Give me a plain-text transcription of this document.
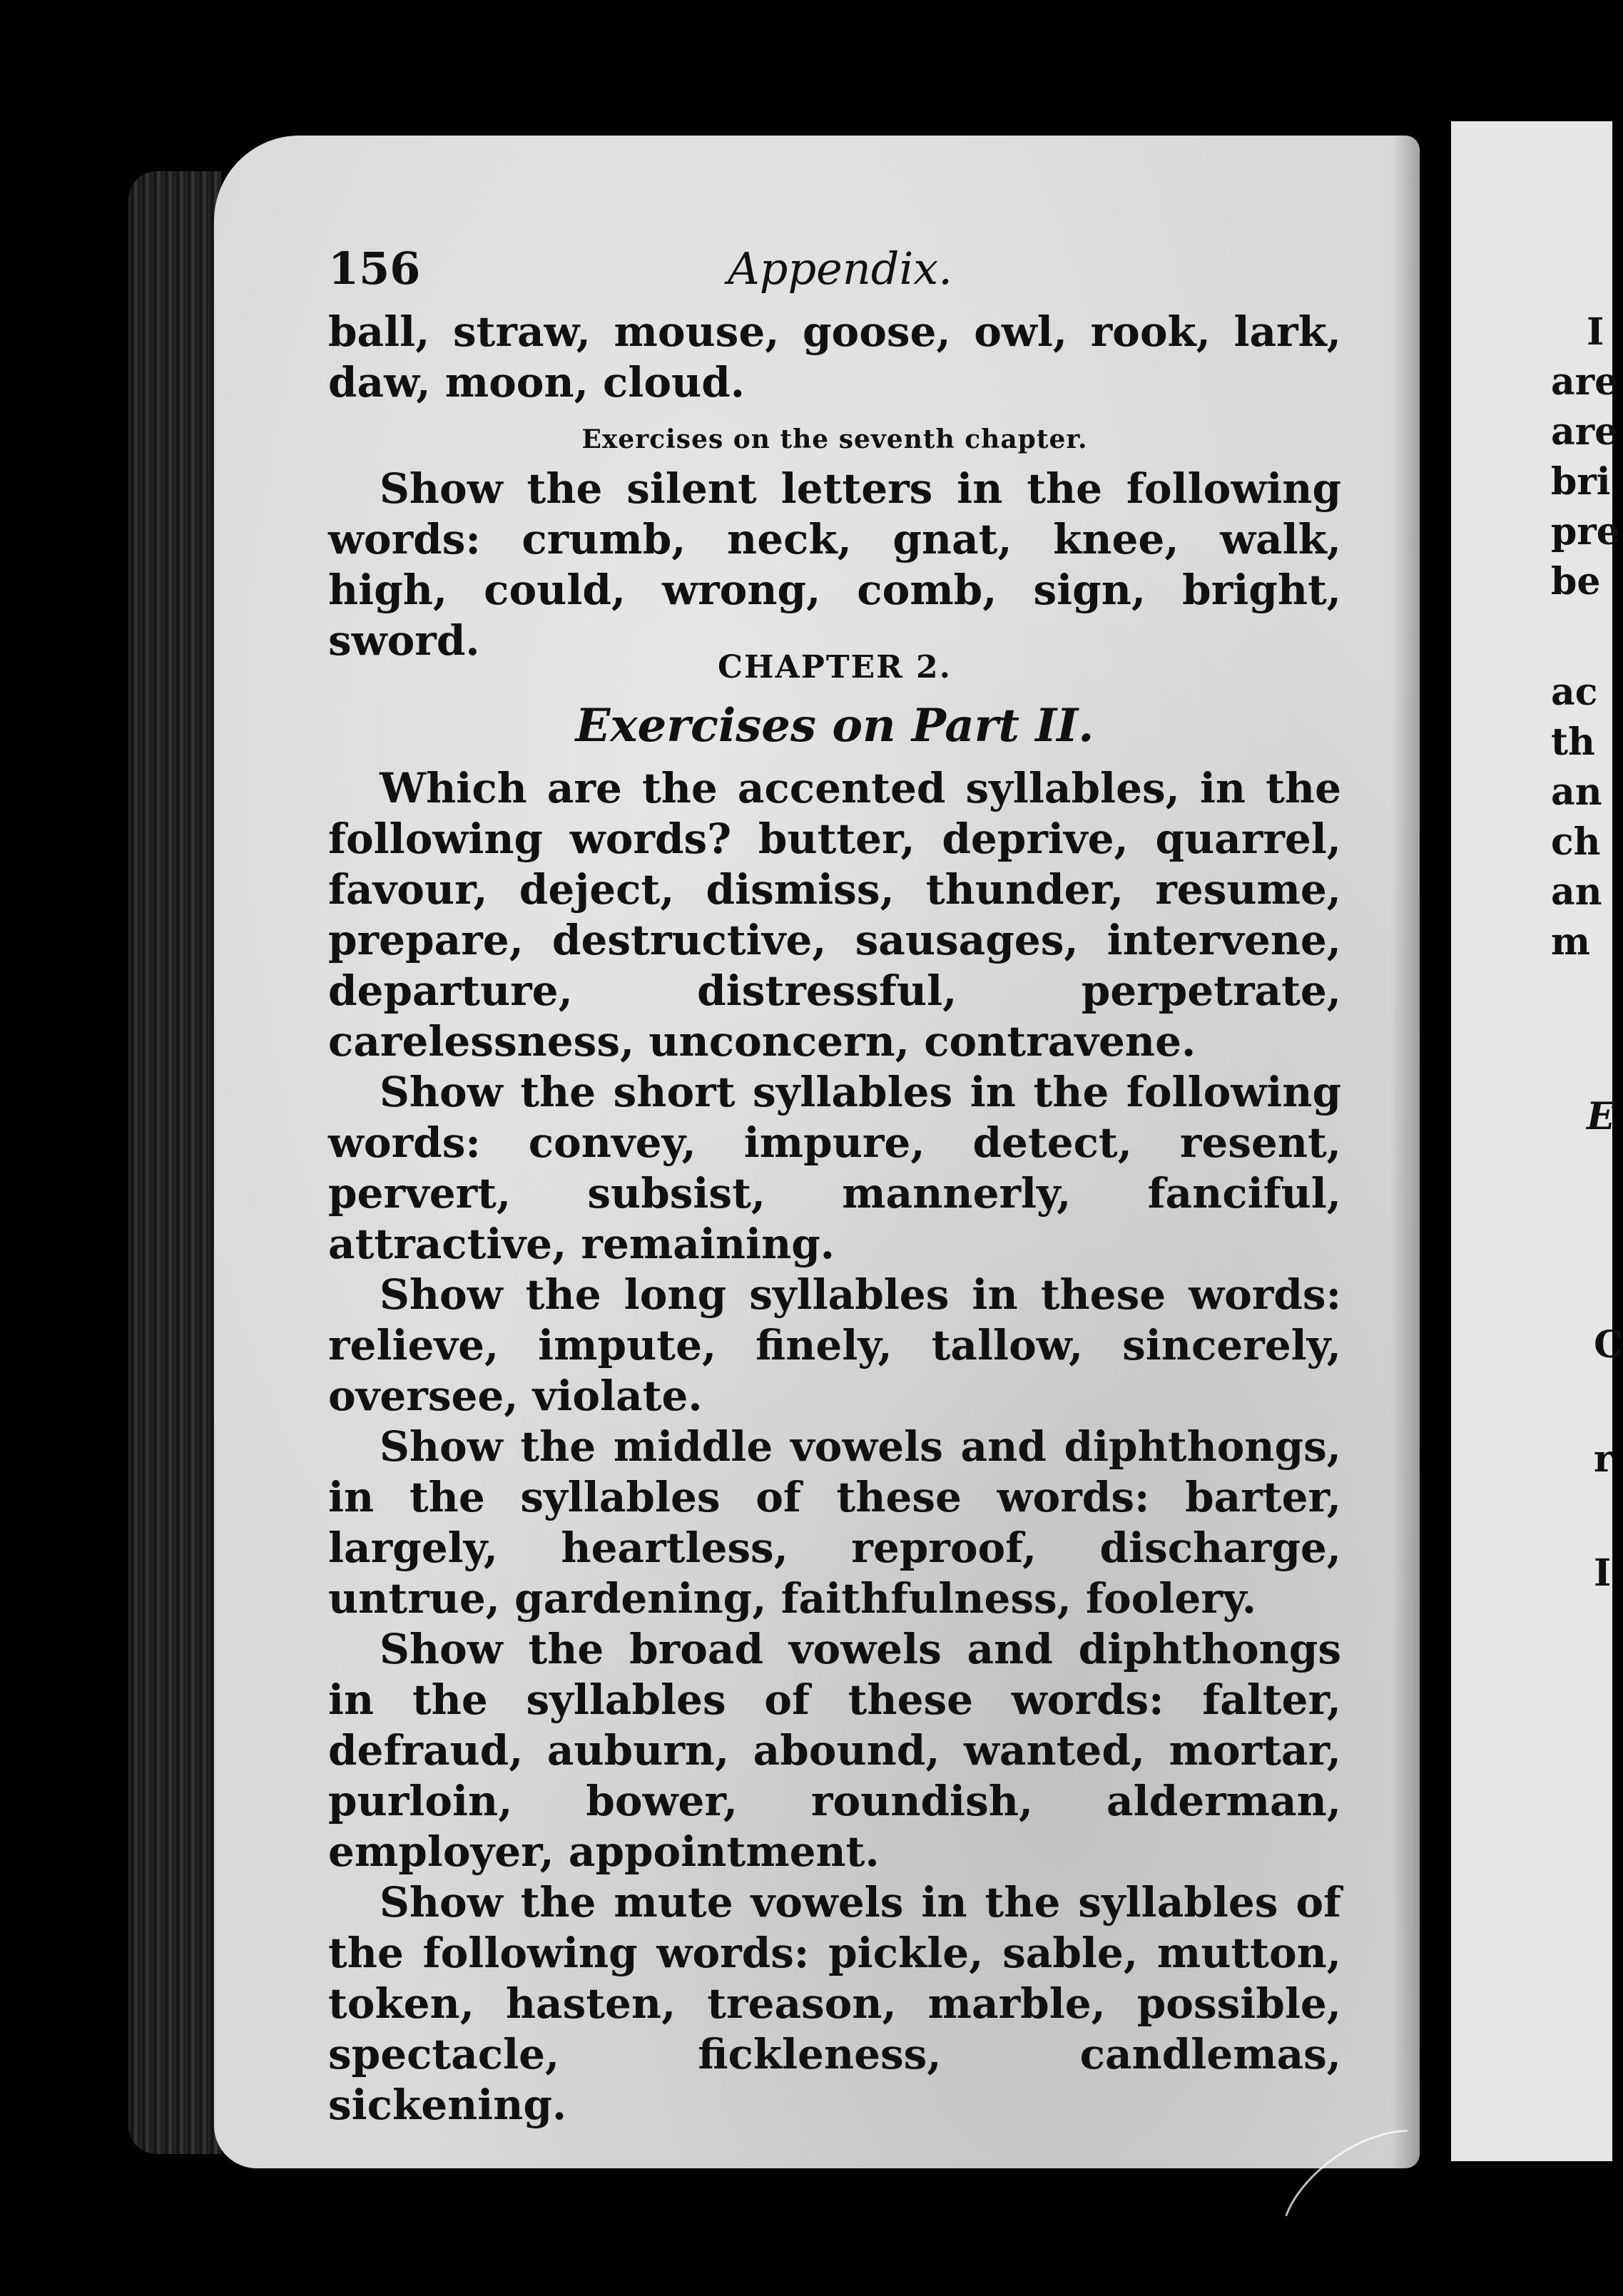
156	Appendix.

ball, straw, mouse, goose, owl, rook, lark, daw, moon, cloud.

Exercises on the seventh chapter.

Show the silent letters in the following words: crumb, neck, gnat, knee, walk, high, could, wrong, comb, sign, bright, sword.

CHAPTER 2.
Exercises on Part II.

Which are the accented syllables, in the following words? butter, deprive, quarrel, favour, deject, dismiss, thunder, resume, prepare, destructive, sausages, intervene, departure, distressful, perpetrate, carelessness, unconcern, contravene.

Show the short syllables in the following words: convey, impure, detect, resent, pervert, subsist, mannerly, fanciful, attractive, remaining.

Show the long syllables in these words: relieve, impute, finely, tallow, sincerely, oversee, violate.

Show the middle vowels and diphthongs, in the syllables of these words: barter, largely, heartless, reproof, discharge, untrue, gardening, faithfulness, foolery.

Show the broad vowels and diphthongs in the syllables of these words: falter, defraud, auburn, abound, wanted, mortar, purloin, bower, roundish, alderman, employer, appointment.

Show the mute vowels in the syllables of the following words: pickle, sable, mutton, token, hasten, treason, marble, possible, spectacle, fickleness, candlemas, sickening.

I
are
are
bri
pre
be
ac
th
an
ch
an
m
E
C
r
I
